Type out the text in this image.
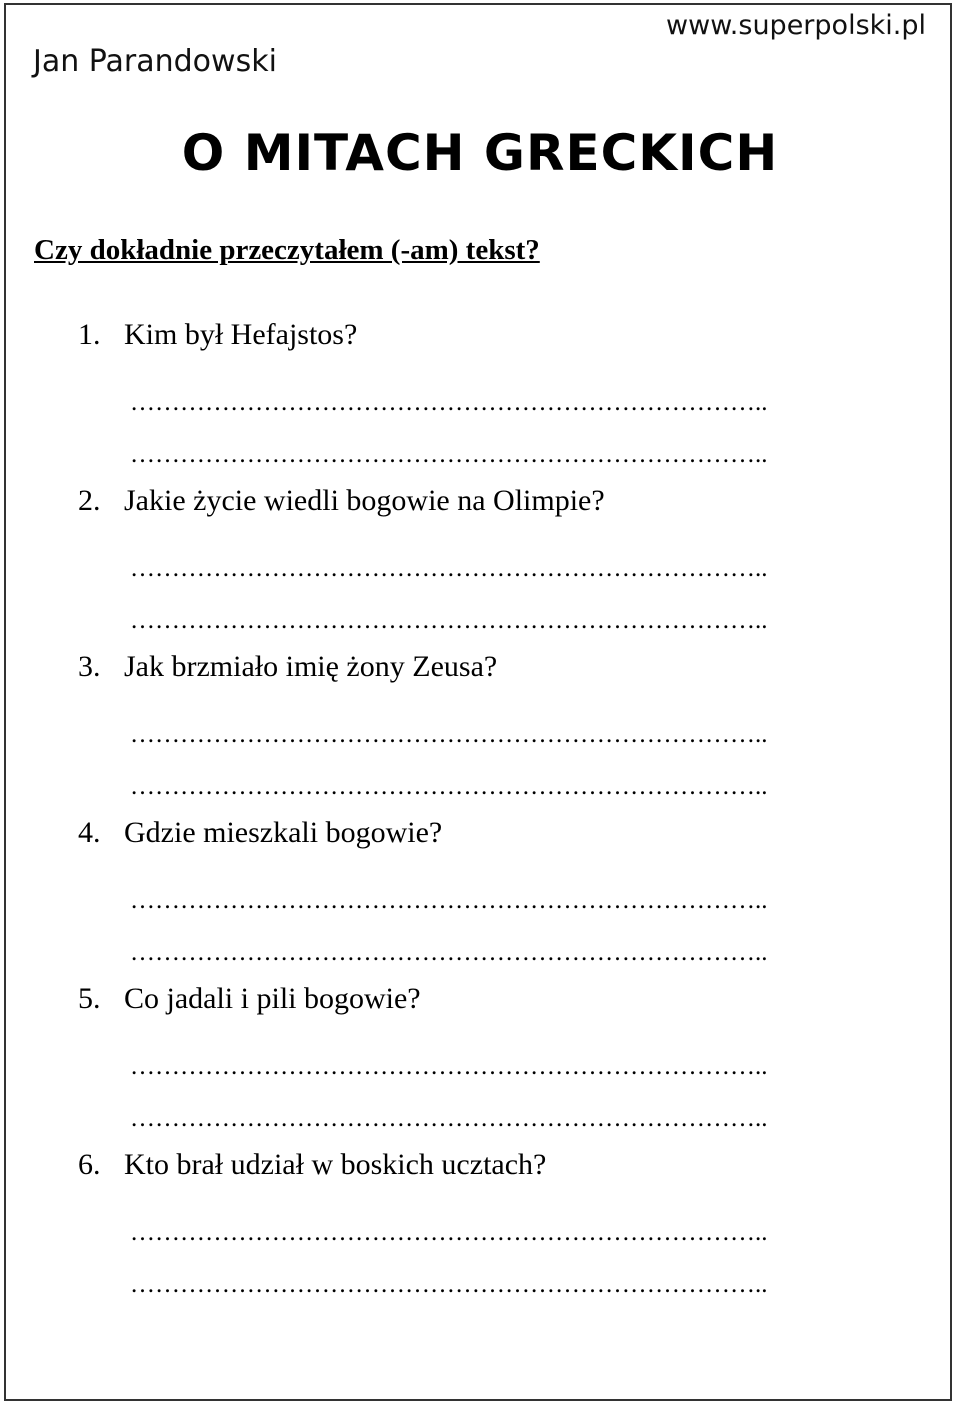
Jan Parandowski
www.superpolski.pl
O MITACH GRECKICH
Czy dokładnie przeczytałem (-am) tekst?
1. Kim był Hefajstos?
…………………………………………………………………..
…………………………………………………………………..
2. Jakie życie wiedli bogowie na Olimpie?
…………………………………………………………………..
…………………………………………………………………..
3. Jak brzmiało imię żony Zeusa?
…………………………………………………………………..
…………………………………………………………………..
4. Gdzie mieszkali bogowie?
…………………………………………………………………..
…………………………………………………………………..
5. Co jadali i pili bogowie?
…………………………………………………………………..
…………………………………………………………………..
6. Kto brał udział w boskich ucztach?
…………………………………………………………………..
…………………………………………………………………..
